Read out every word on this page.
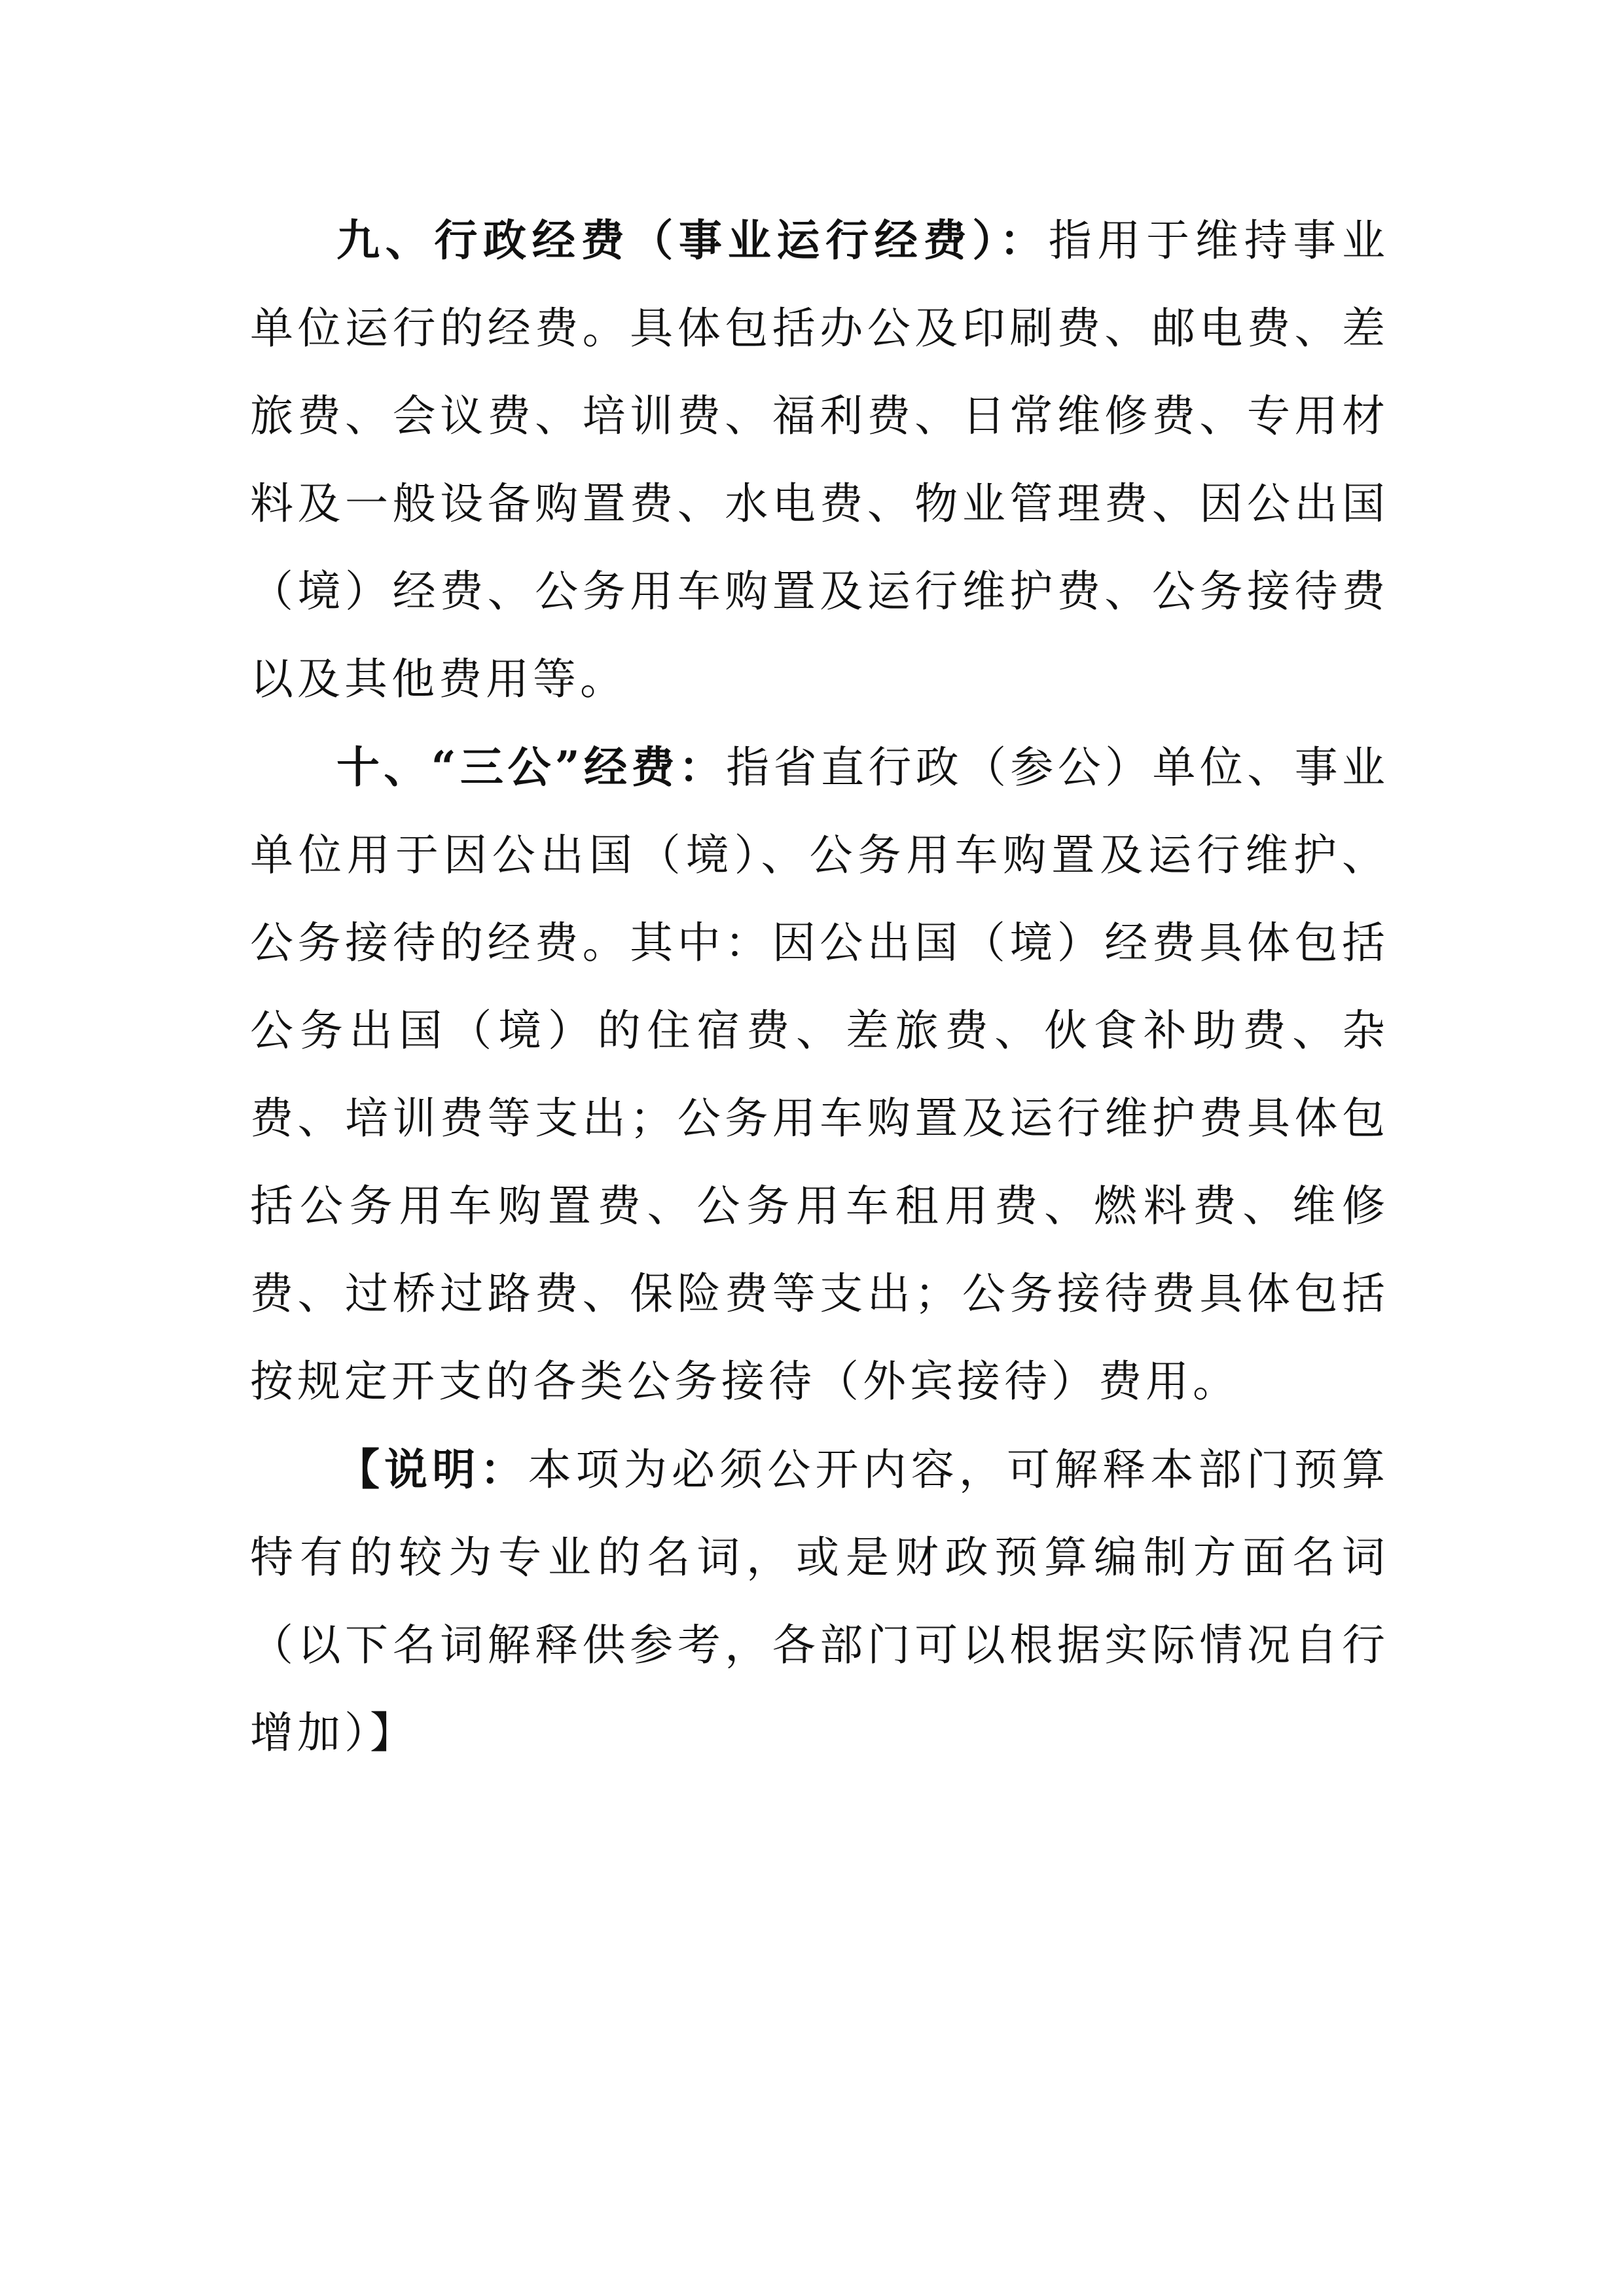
九、行政经费（事业运行经费）：指用于维持事业单位运行的经费。具体包括办公及印刷费、邮电费、差旅费、会议费、培训费、福利费、日常维修费、专用材料及一般设备购置费、水电费、物业管理费、因公出国（境）经费、公务用车购置及运行维护费、公务接待费以及其他费用等。

十、“三公”经费：指省直行政（参公）单位、事业单位用于因公出国（境）、公务用车购置及运行维护、公务接待的经费。其中：因公出国（境）经费具体包括公务出国（境）的住宿费、差旅费、伙食补助费、杂费、培训费等支出；公务用车购置及运行维护费具体包括公务用车购置费、公务用车租用费、燃料费、维修费、过桥过路费、保险费等支出；公务接待费具体包括按规定开支的各类公务接待（外宾接待）费用。

【说明：本项为必须公开内容，可解释本部门预算特有的较为专业的名词，或是财政预算编制方面名词（以下名词解释供参考，各部门可以根据实际情况自行增加）】
